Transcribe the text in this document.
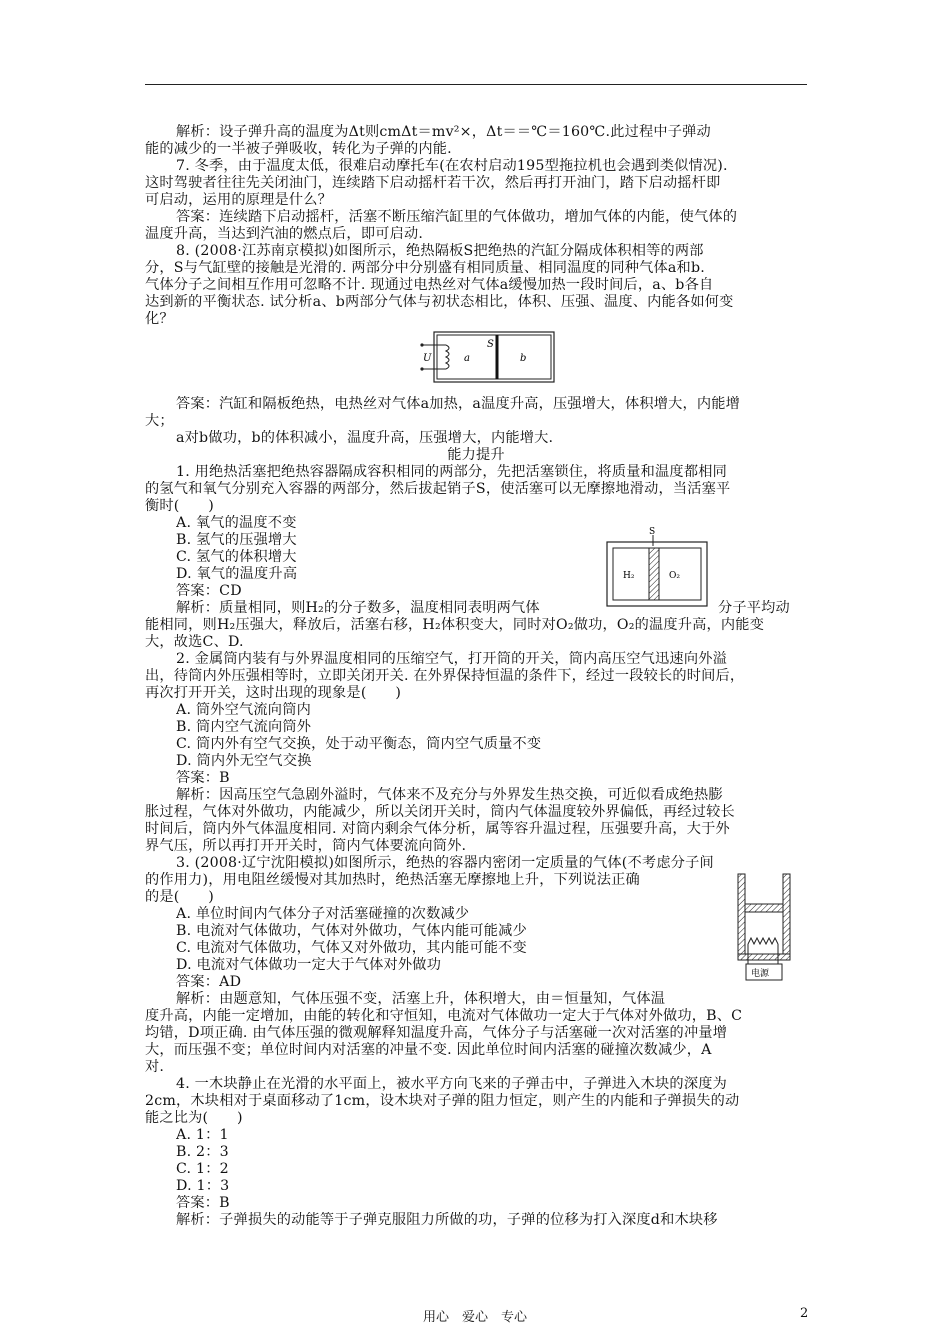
解析：设子弹升高的温度为Δt则cmΔt＝mv²×，Δt＝＝℃＝160℃.此过程中子弹动
能的减少的一半被子弹吸收，转化为子弹的内能.
7. 冬季，由于温度太低，很难启动摩托车(在农村启动195型拖拉机也会遇到类似情况).
这时驾驶者往往先关闭油门，连续踏下启动摇杆若干次，然后再打开油门，踏下启动摇杆即
可启动，运用的原理是什么？
答案：连续踏下启动摇杆，活塞不断压缩汽缸里的气体做功，增加气体的内能，使气体的
温度升高，当达到汽油的燃点后，即可启动.
8. (2008·江苏南京模拟)如图所示，绝热隔板S把绝热的汽缸分隔成体积相等的两部
分，S与气缸壁的接触是光滑的. 两部分中分别盛有相同质量、相同温度的同种气体a和b.
气体分子之间相互作用可忽略不计. 现通过电热丝对气体a缓慢加热一段时间后，a、b各自
达到新的平衡状态. 试分析a、b两部分气体与初状态相比，体积、压强、温度、内能各如何变
化？
U	a
S
b
答案：汽缸和隔板绝热，电热丝对气体a加热，a温度升高，压强增大，体积增大，内能增
大；
a对b做功，b的体积减小，温度升高，压强增大，内能增大.
能力提升
1. 用绝热活塞把绝热容器隔成容积相同的两部分，先把活塞锁住，将质量和温度都相同
的氢气和氧气分别充入容器的两部分，然后拔起销子S，使活塞可以无摩擦地滑动，当活塞平
衡时(　　)
A. 氧气的温度不变
B. 氢气的压强增大
C. 氢气的体积增大
D. 氧气的温度升高
答案：CD
解析：质量相同，则H₂的分子数多，温度相同表明两气体	分子平均动
S
H₂	O₂
能相同，则H₂压强大，释放后，活塞右移，H₂体积变大，同时对O₂做功，O₂的温度升高，内能变
大，故选C、D.
2. 金属筒内装有与外界温度相同的压缩空气，打开筒的开关，筒内高压空气迅速向外溢
出，待筒内外压强相等时，立即关闭开关. 在外界保持恒温的条件下，经过一段较长的时间后，
再次打开开关，这时出现的现象是(　　)
A. 筒外空气流向筒内
B. 筒内空气流向筒外
C. 筒内外有空气交换，处于动平衡态，筒内空气质量不变
D. 筒内外无空气交换
答案：B
解析：因高压空气急剧外溢时，气体来不及充分与外界发生热交换，可近似看成绝热膨
胀过程，气体对外做功，内能减少，所以关闭开关时，筒内气体温度较外界偏低，再经过较长
时间后，筒内外气体温度相同. 对筒内剩余气体分析，属等容升温过程，压强要升高，大于外
界气压，所以再打开开关时，筒内气体要流向筒外.
3. (2008·辽宁沈阳模拟)如图所示，绝热的容器内密闭一定质量的气体(不考虑分子间
的作用力)，用电阻丝缓慢对其加热时，绝热活塞无摩擦地上升，下列说法正确
的是(　　)
A. 单位时间内气体分子对活塞碰撞的次数减少
B. 电流对气体做功，气体对外做功，气体内能可能减少
C. 电流对气体做功，气体又对外做功，其内能可能不变
D. 电流对气体做功一定大于气体对外做功
答案：AD	电源
解析：由题意知，气体压强不变，活塞上升，体积增大，由＝恒量知，气体温
度升高，内能一定增加，由能的转化和守恒知，电流对气体做功一定大于气体对外做功，B、C
均错，D项正确. 由气体压强的微观解释知温度升高，气体分子与活塞碰一次对活塞的冲量增
大，而压强不变；单位时间内对活塞的冲量不变. 因此单位时间内活塞的碰撞次数减少，A
对.
4. 一木块静止在光滑的水平面上，被水平方向飞来的子弹击中，子弹进入木块的深度为
2cm，木块相对于桌面移动了1cm，设木块对子弹的阻力恒定，则产生的内能和子弹损失的动
能之比为(　　)
A. 1：1
B. 2：3
C. 1：2
D. 1：3
答案：B
解析：子弹损失的动能等于子弹克服阻力所做的功，子弹的位移为打入深度d和木块移
用心　爱心　专心	2
